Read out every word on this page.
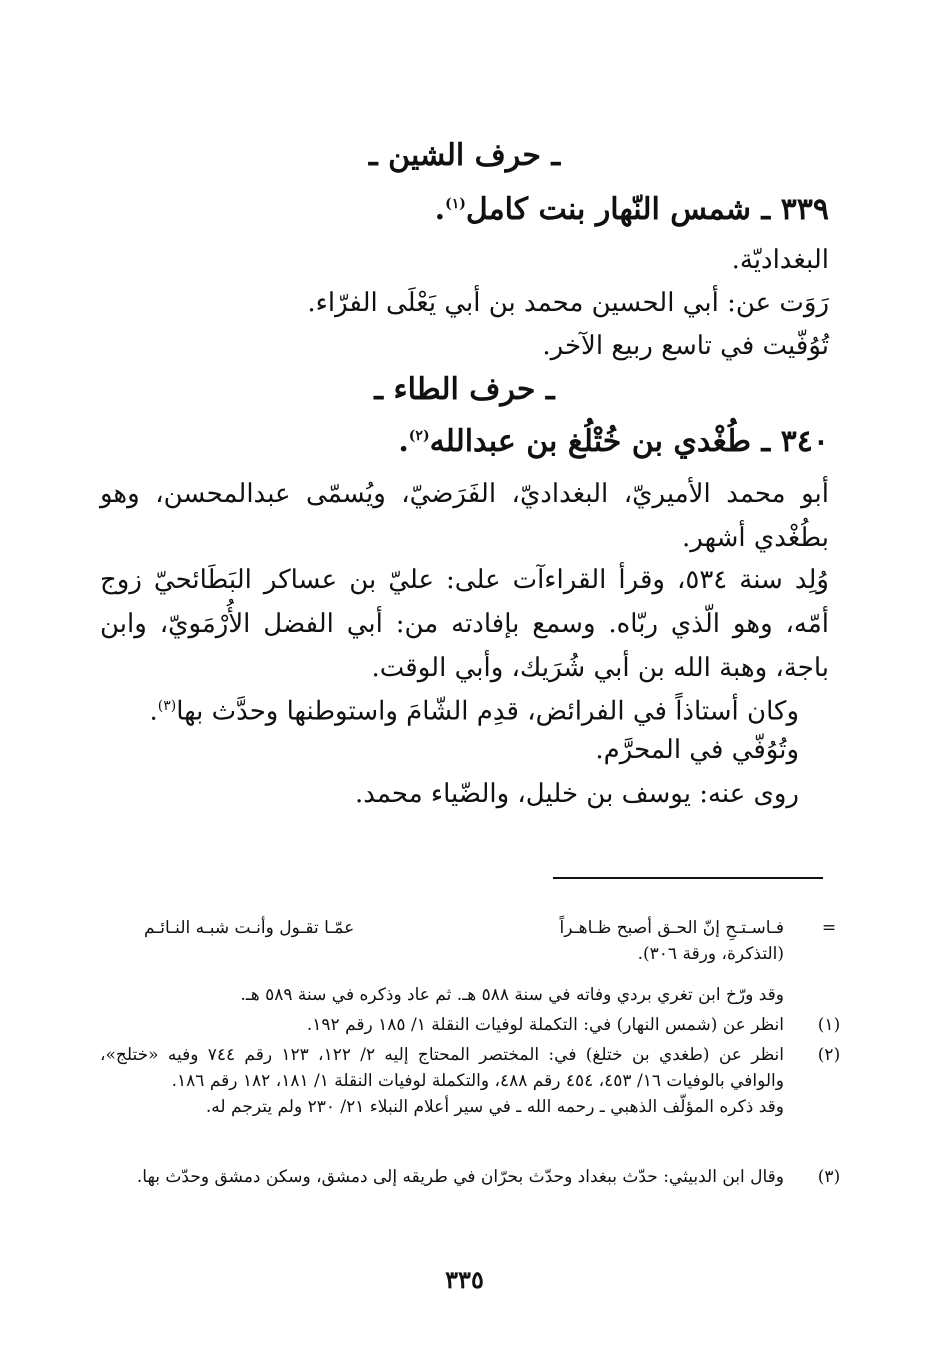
ـ حرف الشين ـ
٣٣٩ ـ شمس النّهار بنت كامل$^{(١)}$.
البغداديّة.
رَوَت عن: أبي الحسين محمد بن أبي يَعْلَى الفرّاء.
تُوُفّيت في تاسع ربيع الآخر.
ـ حرف الطاء ـ
٣٤٠ ـ طُغْدي بن خُتْلُغ بن عبدالله$^{(٢)}$.
أبو محمد الأميريّ، البغداديّ، الفَرَضيّ، ويُسمّى عبدالمحسن، وهو بطُغْدي أشهر.
وُلِد سنة ٥٣٤، وقرأ القراءآت على: عليّ بن عساكر البَطَائحيّ زوج أمّه، وهو الّذي ربّاه. وسمع بإفادته من: أبي الفضل الأُرْمَويّ، وابن باجة، وهبة الله بن أبي شُرَيك، وأبي الوقت.
وكان أستاذاً في الفرائض، قدِم الشّامَ واستوطنها وحدَّث بها$^{(٣)}$.
وتُوُفّي في المحرَّم.
روى عنه: يوسف بن خليل، والضّياء محمد.
=
فـاسـتـحِ إنّ الحـق أصبح ظـاهـراً
عمّـا تقـول وأنـت شبـه النـائـم
(التذكرة، ورقة ٣٠٦).
وقد ورّخ ابن تغري بردي وفاته في سنة ٥٨٨ هـ. ثم عاد وذكره في سنة ٥٨٩ هـ.
(١)
انظر عن (شمس النهار) في: التكملة لوفيات النقلة ١/ ١٨٥ رقم ١٩٢.
(٢)
انظر عن (طغدي بن ختلغ) في: المختصر المحتاج إليه ٢/ ١٢٢، ١٢٣ رقم ٧٤٤ وفيه «ختلج»، والوافي بالوفيات ١٦/ ٤٥٣، ٤٥٤ رقم ٤٨٨، والتكملة لوفيات النقلة ١/ ١٨١، ١٨٢ رقم ١٨٦.
وقد ذكره المؤلّف الذهبي ـ رحمه الله ـ في سير أعلام النبلاء ٢١/ ٢٣٠ ولم يترجم له.
(٣)
وقال ابن الدبيثي: حدّث ببغداد وحدّث بحرّان في طريقه إلى دمشق، وسكن دمشق وحدّث بها.
٣٣٥
